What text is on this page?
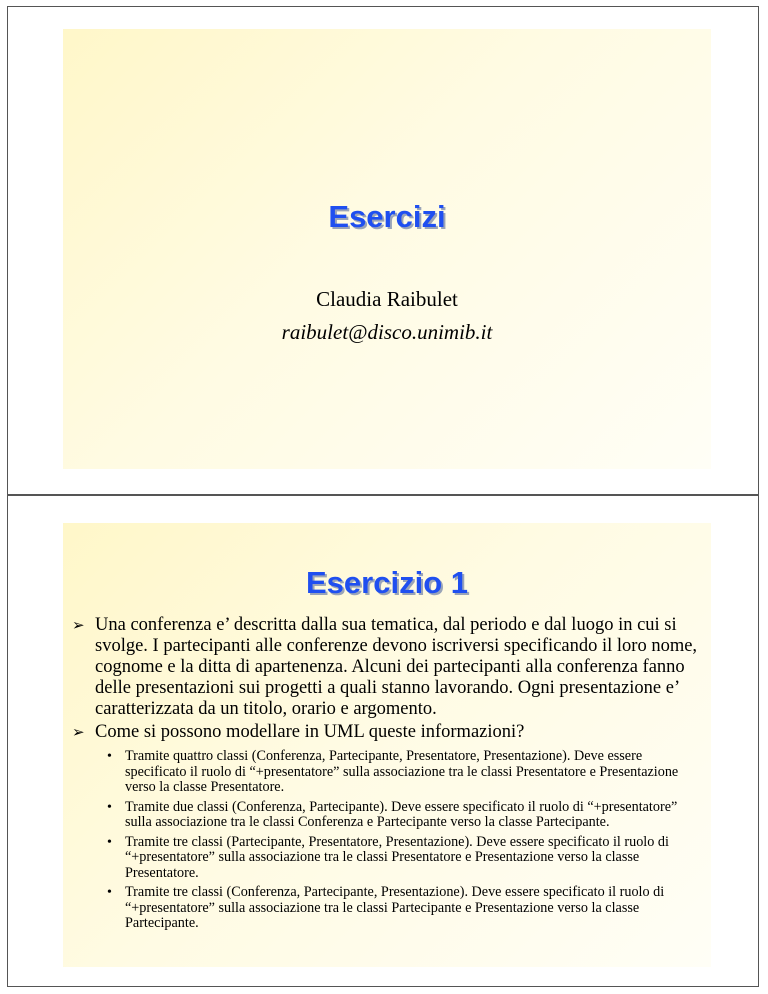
Esercizi
Claudia Raibulet
raibulet@disco.unimib.it
Esercizio 1
➢ Una conferenza e’ descritta dalla sua tematica, dal periodo e dal luogo in cui si svolge. I partecipanti alle conferenze devono iscriversi specificando il loro nome, cognome e la ditta di apartenenza. Alcuni dei partecipanti alla conferenza fanno delle presentazioni sui progetti a quali stanno lavorando. Ogni presentazione e’ caratterizzata da un titolo, orario e argomento.
➢ Come si possono modellare in UML queste informazioni?
• Tramite quattro classi (Conferenza, Partecipante, Presentatore, Presentazione). Deve essere specificato il ruolo di “+presentatore” sulla associazione tra le classi Presentatore e Presentazione verso la classe Presentatore.
• Tramite due classi (Conferenza, Partecipante). Deve essere specificato il ruolo di “+presentatore” sulla associazione tra le classi Conferenza e Partecipante verso la classe Partecipante.
• Tramite tre classi (Partecipante, Presentatore, Presentazione). Deve essere specificato il ruolo di “+presentatore” sulla associazione tra le classi Presentatore e Presentazione verso la classe Presentatore.
• Tramite tre classi (Conferenza, Partecipante, Presentazione). Deve essere specificato il ruolo di “+presentatore” sulla associazione tra le classi Partecipante e Presentazione verso la classe Partecipante.
